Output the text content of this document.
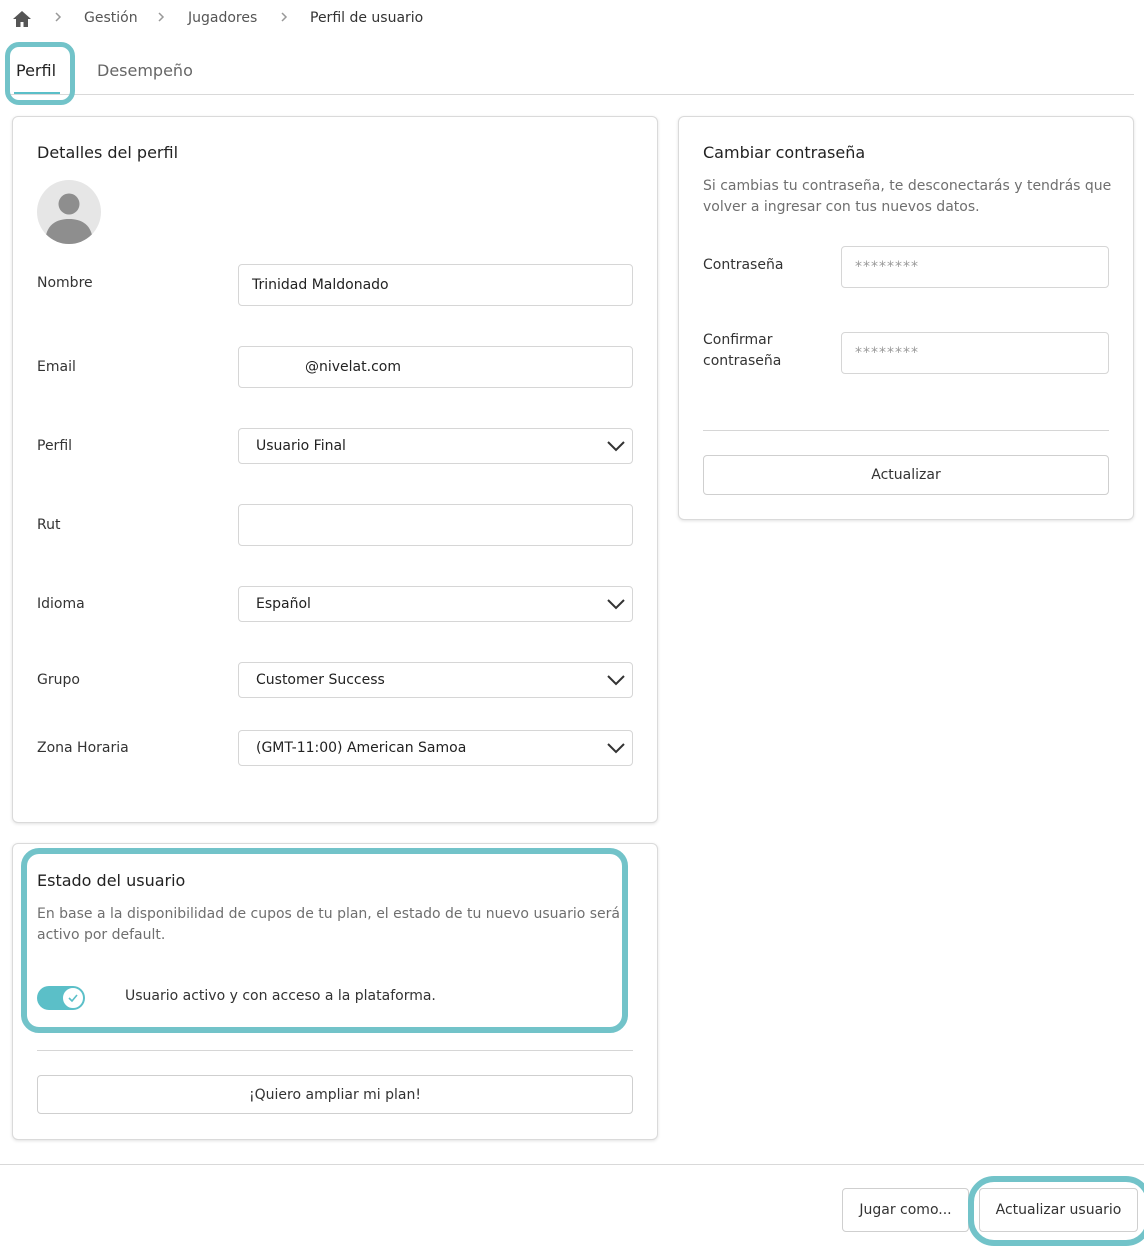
Gestión	Jugadores	Perfil de usuario
Perfil	Desempeño
Detalles del perfil
Nombre	Trinidad Maldonado
Email	@nivelat.com
Perfil	Usuario Final
Rut
Idioma	Español
Grupo	Customer Success
Zona Horaria	(GMT-11:00) American Samoa
Cambiar contraseña
Si cambias tu contraseña, te desconectarás y tendrás que volver a ingresar con tus nuevos datos.
Contraseña	********
Confirmar contraseña	********
Actualizar
Estado del usuario
En base a la disponibilidad de cupos de tu plan, el estado de tu nuevo usuario será activo por default.
Usuario activo y con acceso a la plataforma.
¡Quiero ampliar mi plan!
Jugar como...	Actualizar usuario
